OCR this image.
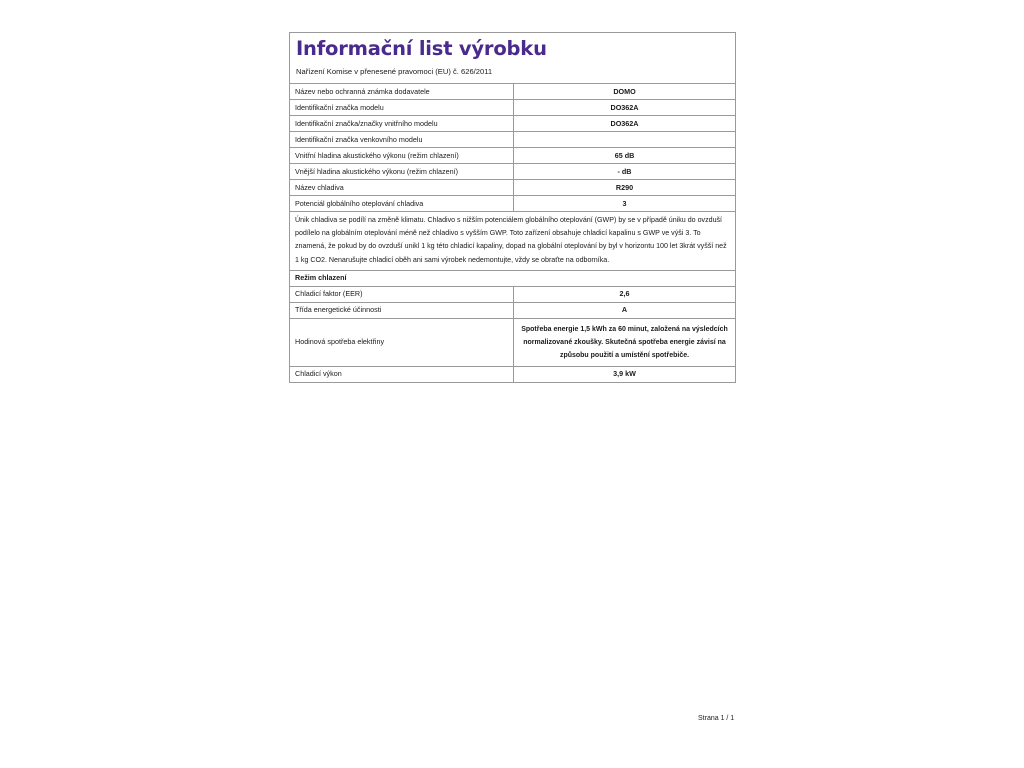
Informační list výrobku
Nařízení Komise v přenesené pravomoci (EU) č. 626/2011
Název nebo ochranná známka dodavatele	DOMO
Identifikační značka modelu	DO362A
Identifikační značka/značky vnitřního modelu	DO362A
Identifikační značka venkovního modelu	
Vnitřní hladina akustického výkonu (režim chlazení)	65 dB
Vnější hladina akustického výkonu (režim chlazení)	- dB
Název chladiva	R290
Potenciál globálního oteplování chladiva	3
Únik chladiva se podílí na změně klimatu. Chladivo s nižším potenciálem globálního oteplování (GWP) by se v případě úniku do ovzduší podílelo na globálním oteplování méně než chladivo s vyšším GWP. Toto zařízení obsahuje chladicí kapalinu s GWP ve výši 3. To znamená, že pokud by do ovzduší unikl 1 kg této chladicí kapaliny, dopad na globální oteplování by byl v horizontu 100 let 3krát vyšší než 1 kg CO2. Nenarušujte chladicí oběh ani sami výrobek nedemontujte, vždy se obraťte na odborníka.	
Režim chlazení	
Chladicí faktor (EER)	2,6
Třída energetické účinnosti	A
Hodinová spotřeba elektřiny	Spotřeba energie 1,5 kWh za 60 minut, založená na výsledcích normalizované zkoušky. Skutečná spotřeba energie závisí na způsobu použití a umístění spotřebiče.
Chladicí výkon	3,9 kW
Strana 1 / 1
